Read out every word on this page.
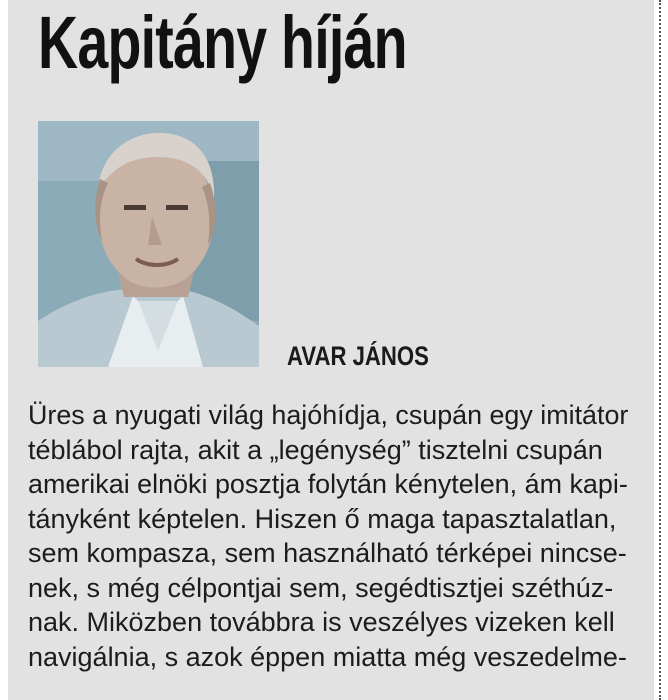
Kapitány híján
AVAR JÁNOS
Üres a nyugati világ hajóhídja, csupán egy imitátor
téblábol rajta, akit a „legénység” tisztelni csupán
amerikai elnöki posztja folytán kénytelen, ám kapi-
tányként képtelen. Hiszen ő maga tapasztalatlan,
sem kompasza, sem használható térképei nincse-
nek, s még célpontjai sem, segédtisztjei széthúz-
nak. Miközben továbbra is veszélyes vizeken kell
navigálnia, s azok éppen miatta még veszedelme-
